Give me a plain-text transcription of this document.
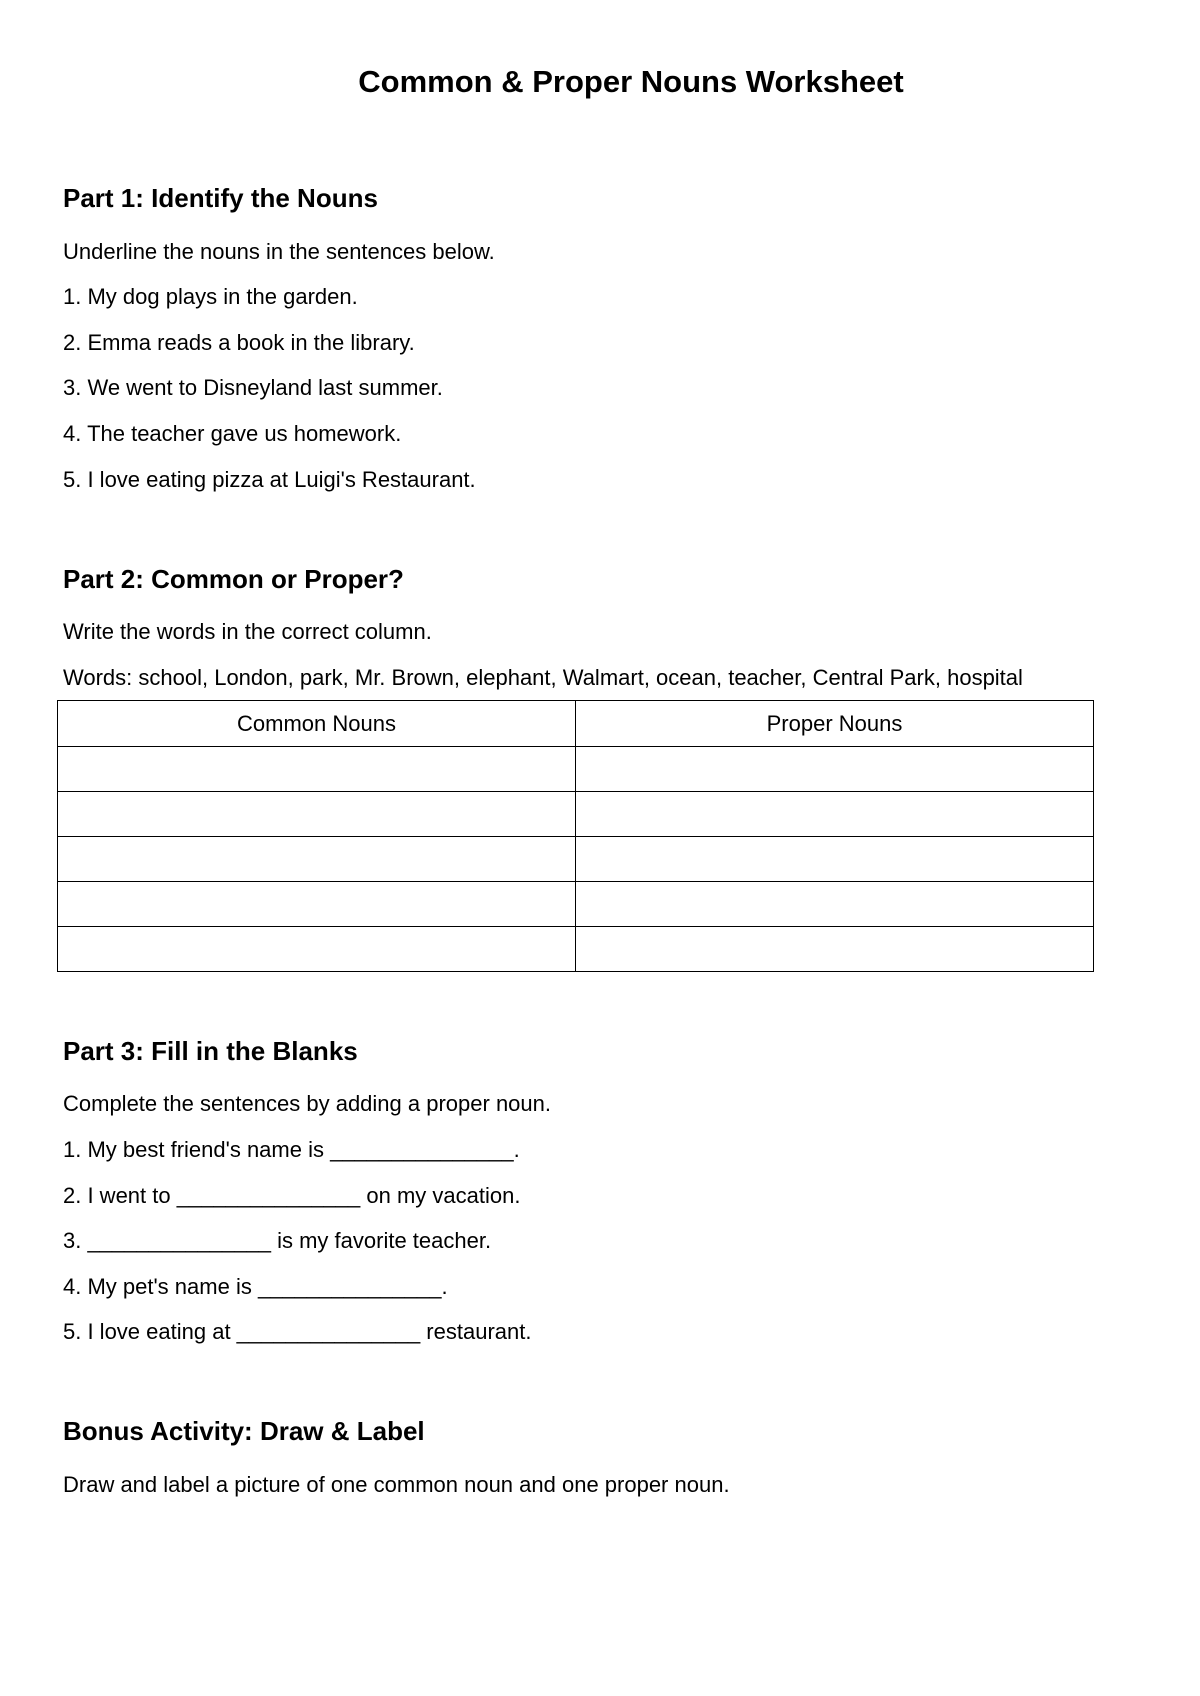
Common & Proper Nouns Worksheet
Part 1: Identify the Nouns

Underline the nouns in the sentences below.

1. My dog plays in the garden.

2. Emma reads a book in the library.

3. We went to Disneyland last summer.

4. The teacher gave us homework.

5. I love eating pizza at Luigi's Restaurant.

Part 2: Common or Proper?

Write the words in the correct column.

Words: school, London, park, Mr. Brown, elephant, Walmart, ocean, teacher, Central Park, hospital

Common Nouns	Proper Nouns

Part 3: Fill in the Blanks

Complete the sentences by adding a proper noun.

1. My best friend's name is _______________.

2. I went to _______________ on my vacation.

3. _______________ is my favorite teacher.

4. My pet's name is _______________.

5. I love eating at _______________ restaurant.

Bonus Activity: Draw & Label

Draw and label a picture of one common noun and one proper noun.
